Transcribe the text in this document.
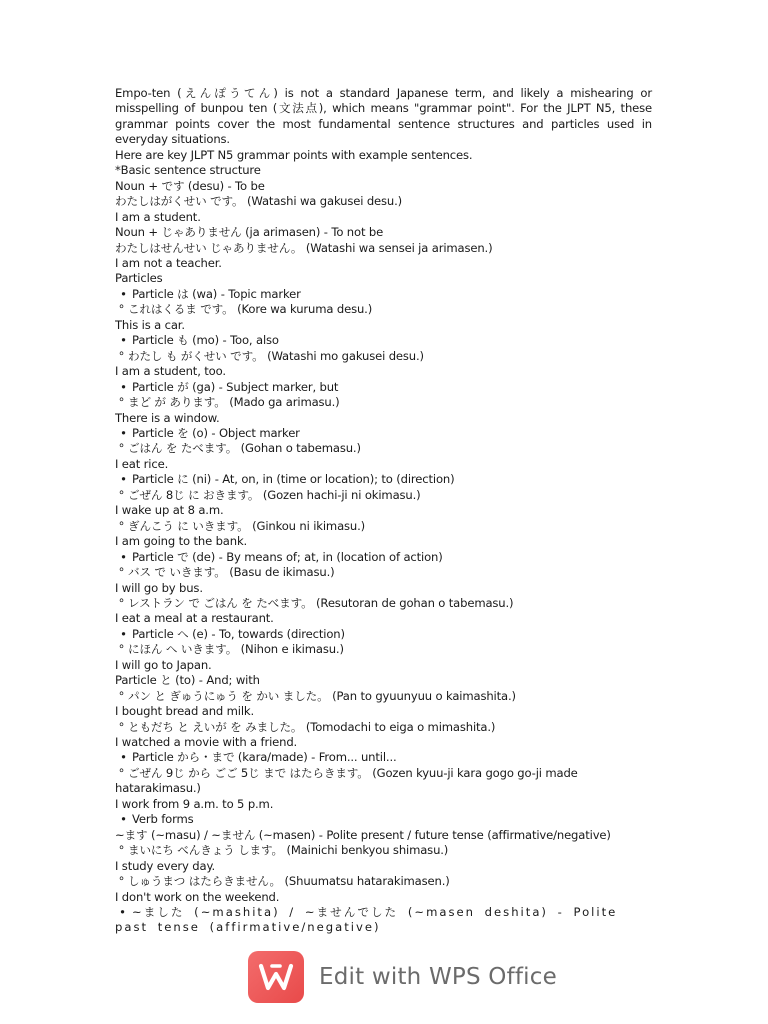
Empo-ten (えんぽうてん) is not a standard Japanese term, and likely a mishearing or misspelling of bunpou ten (文法点), which means "grammar point". For the JLPT N5, these grammar points cover the most fundamental sentence structures and particles used in everyday situations.
Here are key JLPT N5 grammar points with example sentences.
*Basic sentence structure
Noun + です (desu) - To be
わたしはがくせい です。 (Watashi wa gakusei desu.)
I am a student.
Noun + じゃありません (ja arimasen) - To not be
わたしはせんせい じゃありません。 (Watashi wa sensei ja arimasen.)
I am not a teacher.
Particles
• Particle は (wa) - Topic marker
° これはくるま です。 (Kore wa kuruma desu.)
This is a car.
• Particle も (mo) - Too, also
° わたし も がくせい です。 (Watashi mo gakusei desu.)
I am a student, too.
• Particle が (ga) - Subject marker, but
° まど が あります。 (Mado ga arimasu.)
There is a window.
• Particle を (o) - Object marker
° ごはん を たべます。 (Gohan o tabemasu.)
I eat rice.
• Particle に (ni) - At, on, in (time or location); to (direction)
° ごぜん 8じ に おきます。 (Gozen hachi-ji ni okimasu.)
I wake up at 8 a.m.
° ぎんこう に いきます。 (Ginkou ni ikimasu.)
I am going to the bank.
• Particle で (de) - By means of; at, in (location of action)
° バス で いきます。 (Basu de ikimasu.)
I will go by bus.
° レストラン で ごはん を たべます。 (Resutoran de gohan o tabemasu.)
I eat a meal at a restaurant.
• Particle へ (e) - To, towards (direction)
° にほん へ いきます。 (Nihon e ikimasu.)
I will go to Japan.
Particle と (to) - And; with
° パン と ぎゅうにゅう を かい ました。 (Pan to gyuunyuu o kaimashita.)
I bought bread and milk.
° ともだち と えいが を みました。 (Tomodachi to eiga o mimashita.)
I watched a movie with a friend.
• Particle から・まで (kara/made) - From... until...
° ごぜん 9じ から ごご 5じ まで はたらきます。 (Gozen kyuu-ji kara gogo go-ji made hatarakimasu.)
I work from 9 a.m. to 5 p.m.
• Verb forms
~ます (~masu) / ~ません (~masen) - Polite present / future tense (affirmative/negative)
° まいにち べんきょう します。 (Mainichi benkyou shimasu.)
I study every day.
° しゅうまつ はたらきません。 (Shuumatsu hatarakimasen.)
I don't work on the weekend.
• ~ました (~mashita) / ~ませんでした (~masen deshita) - Polite past tense (affirmative/negative)
Edit with WPS Office
